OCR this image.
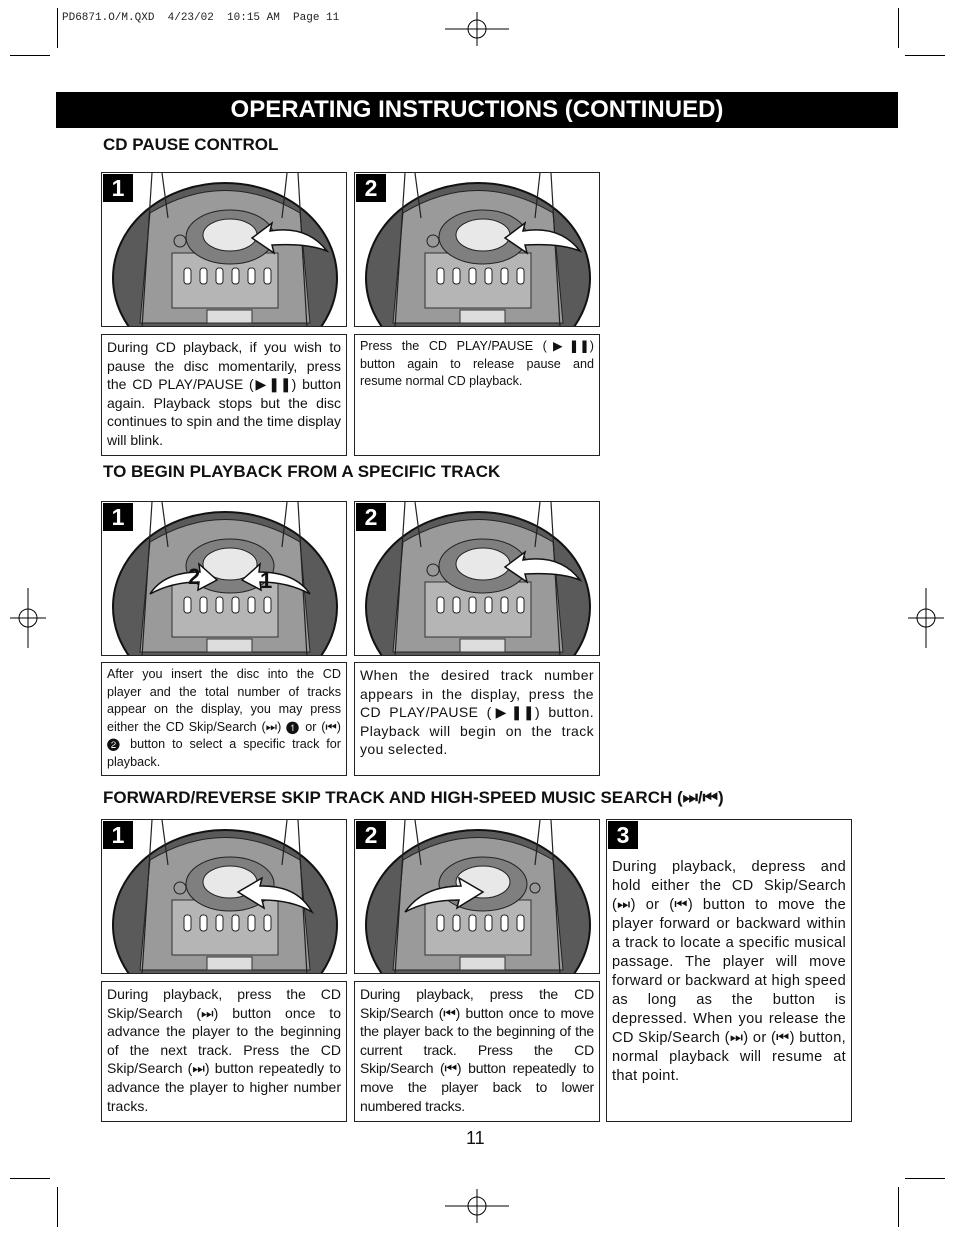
PD6871.O/M.QXD  4/23/02  10:15 AM  Page 11
OPERATING INSTRUCTIONS (CONTINUED)
CD PAUSE CONTROL
1	2
During CD playback, if you wish to pause the disc momentarily, press the CD PLAY/PAUSE (▶❚❚) button again. Playback stops but the disc continues to spin and the time display will blink.
Press the CD PLAY/PAUSE (▶❚❚) button again to release pause and resume normal CD playback.
TO BEGIN PLAYBACK FROM A SPECIFIC TRACK
1
2	1
2
After you insert the disc into the CD player and the total number of tracks appear on the display, you may press either the CD Skip/Search (⏭) ❶ or (⏮) ❷ button to select a specific track for playback.
When the desired track number appears in the display, press the CD PLAY/PAUSE (▶❚❚) button. Playback will begin on the track you selected.
FORWARD/REVERSE SKIP TRACK AND HIGH-SPEED MUSIC SEARCH (⏭/⏮)
1	2	3
During playback, depress and hold either the CD Skip/Search (⏭) or (⏮) button to move the player forward or backward within a track to locate a specific musical passage. The player will move forward or backward at high speed as long as the button is depressed. When you release the CD Skip/Search (⏭) or (⏮) button, normal playback will resume at that point.
During playback, press the CD Skip/Search (⏭) button once to advance the player to the beginning of the next track. Press the CD Skip/Search (⏭) button repeatedly to advance the player to higher number tracks.
During playback, press the CD Skip/Search (⏮) button once to move the player back to the beginning of the current track. Press the CD Skip/Search (⏮) button repeatedly to move the player back to lower numbered tracks.
11
